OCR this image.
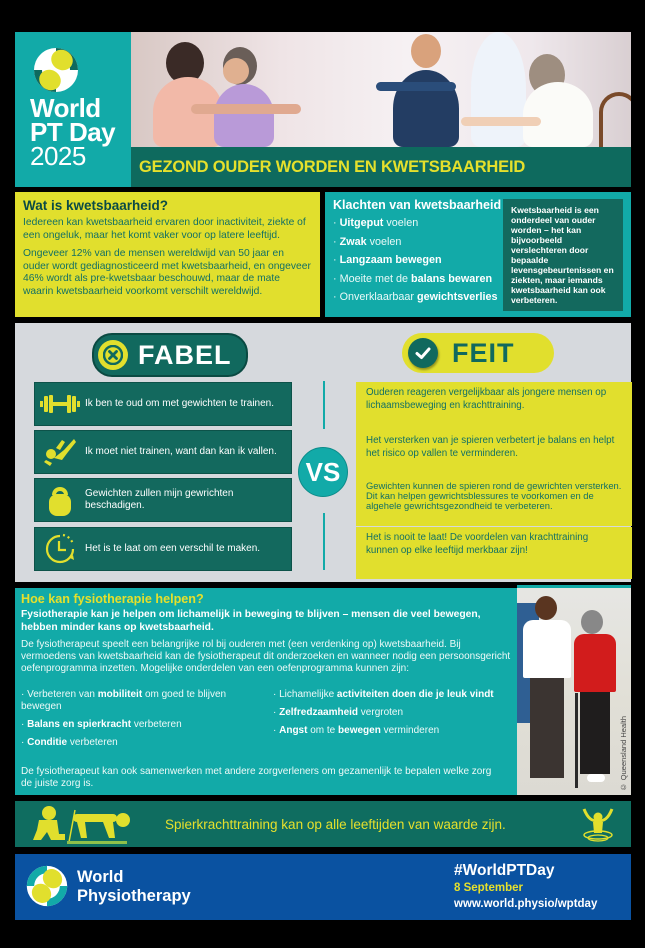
World
PT Day
2025	GEZOND OUDER WORDEN EN KWETSBAARHEID
Wat is kwetsbaarheid?

Iedereen kan kwetsbaarheid ervaren door inactiviteit, ziekte of een ongeluk, maar het komt vaker voor op latere leeftijd.

Ongeveer 12% van de mensen wereldwijd van 50 jaar en ouder wordt gediagnosticeerd met kwetsbaarheid, en ongeveer 46% wordt als pre-kwetsbaar beschouwd, maar de mate waarin kwetsbaarheid voorkomt verschilt wereldwijd.

Klachten van kwetsbaarheid
· Uitgeput voelen
· Zwak voelen
· Langzaam bewegen
· Moeite met de balans bewaren
· Onverklaarbaar gewichtsverlies
Kwetsbaarheid is een onderdeel van ouder worden – het kan bijvoorbeeld verslechteren door bepaalde levensgebeurtenissen en ziekten, maar iemands kwetsbaarheid kan ook verbeteren.
FABEL	FEIT
Ik ben te oud om met gewichten te trainen.
Ik moet niet trainen, want dan kan ik vallen.
Gewichten zullen mijn gewrichten beschadigen.
Het is te laat om een verschil te maken.
VS
Ouderen reageren vergelijkbaar als jongere mensen op lichaamsbeweging en krachttraining.
Het versterken van je spieren verbetert je balans en helpt het risico op vallen te verminderen.
Gewichten kunnen de spieren rond de gewrichten versterken. Dit kan helpen gewrichtsblessures te voorkomen en de algehele gewrichtsgezondheid te verbeteren.
Het is nooit te laat! De voordelen van krachttraining kunnen op elke leeftijd merkbaar zijn!
Hoe kan fysiotherapie helpen?

Fysiotherapie kan je helpen om lichamelijk in beweging te blijven – mensen die veel bewegen, hebben minder kans op kwetsbaarheid.

De fysiotherapeut speelt een belangrijke rol bij ouderen met (een verdenking op) kwetsbaarheid. Bij vermoedens van kwetsbaarheid kan de fysiotherapeut dit onderzoeken en wanneer nodig een persoonsgericht oefenprogramma inzetten. Mogelijke onderdelen van een oefenprogramma kunnen zijn:

· Verbeteren van mobiliteit om goed te blijven bewegen
· Balans en spierkracht verbeteren
· Conditie verbeteren
· Lichamelijke activiteiten doen die je leuk vindt
· Zelfredzaamheid vergroten
· Angst om te bewegen verminderen
De fysiotherapeut kan ook samenwerken met andere zorgverleners om gezamenlijk te bepalen welke zorg de juiste zorg is.	© Queensland Health
Spierkrachttraining kan op alle leeftijden van waarde zijn.
World
Physiotherapy
#WorldPTDay
8 September
www.world.physio/wptday
